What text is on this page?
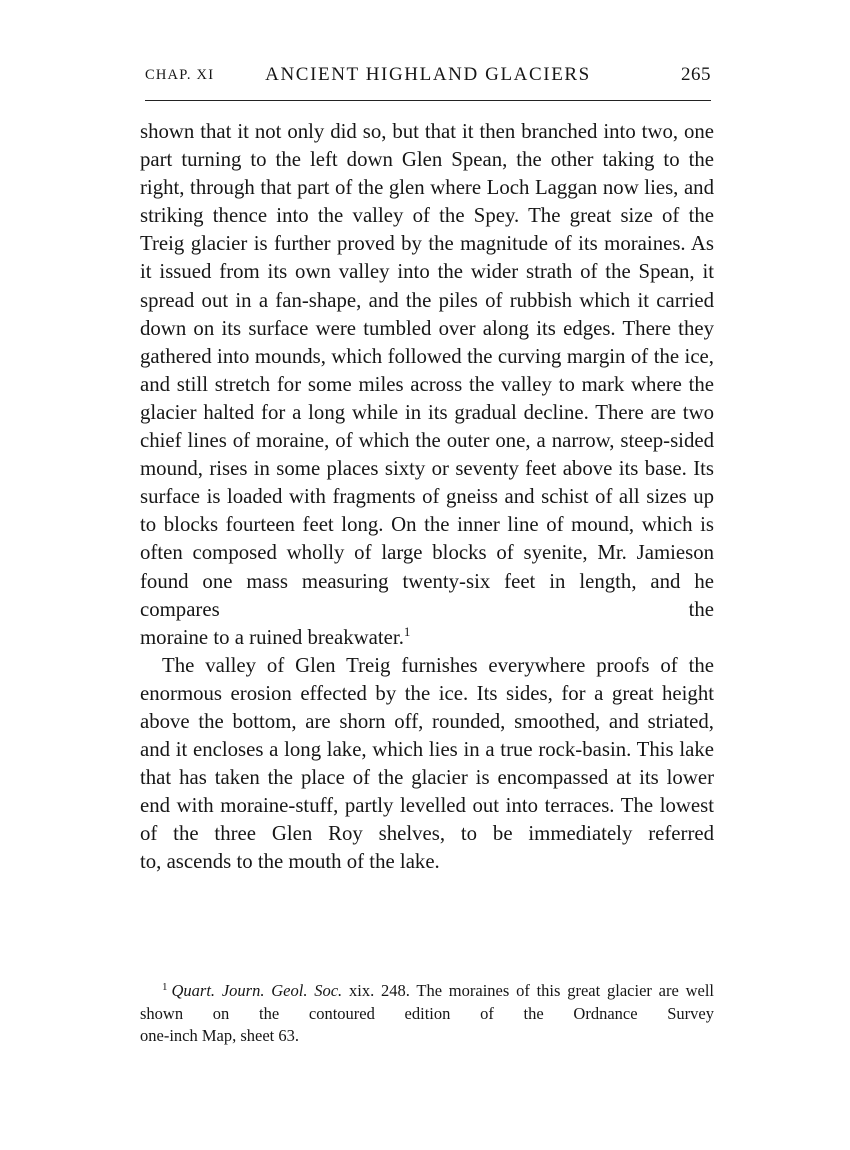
CHAP. XI	ANCIENT HIGHLAND GLACIERS	265

shown that it not only did so, but that it then branched into two, one part turning to the left down Glen Spean, the other taking to the right, through that part of the glen where Loch Laggan now lies, and striking thence into the valley of the Spey. The great size of the Treig glacier is further proved by the magnitude of its moraines. As it issued from its own valley into the wider strath of the Spean, it spread out in a fan-shape, and the piles of rubbish which it carried down on its surface were tumbled over along its edges. There they gathered into mounds, which followed the curving margin of the ice, and still stretch for some miles across the valley to mark where the glacier halted for a long while in its gradual decline. There are two chief lines of moraine, of which the outer one, a narrow, steep-sided mound, rises in some places sixty or seventy feet above its base. Its surface is loaded with fragments of gneiss and schist of all sizes up to blocks fourteen feet long. On the inner line of mound, which is often composed wholly of large blocks of syenite, Mr. Jamieson found one mass measuring twenty-six feet in length, and he compares the

moraine to a ruined breakwater.$^1$

The valley of Glen Treig furnishes everywhere proofs of the enormous erosion effected by the ice. Its sides, for a great height above the bottom, are shorn off, rounded, smoothed, and striated, and it encloses a long lake, which lies in a true rock-basin. This lake that has taken the place of the glacier is encompassed at its lower end with moraine-stuff, partly levelled out into terraces. The lowest of the three Glen Roy shelves, to be immediately referred

to, ascends to the mouth of the lake.

$^1$ Quart. Journ. Geol. Soc. xix. 248. The moraines of this great glacier are well shown on the contoured edition of the Ordnance Survey

one-inch Map, sheet 63.
